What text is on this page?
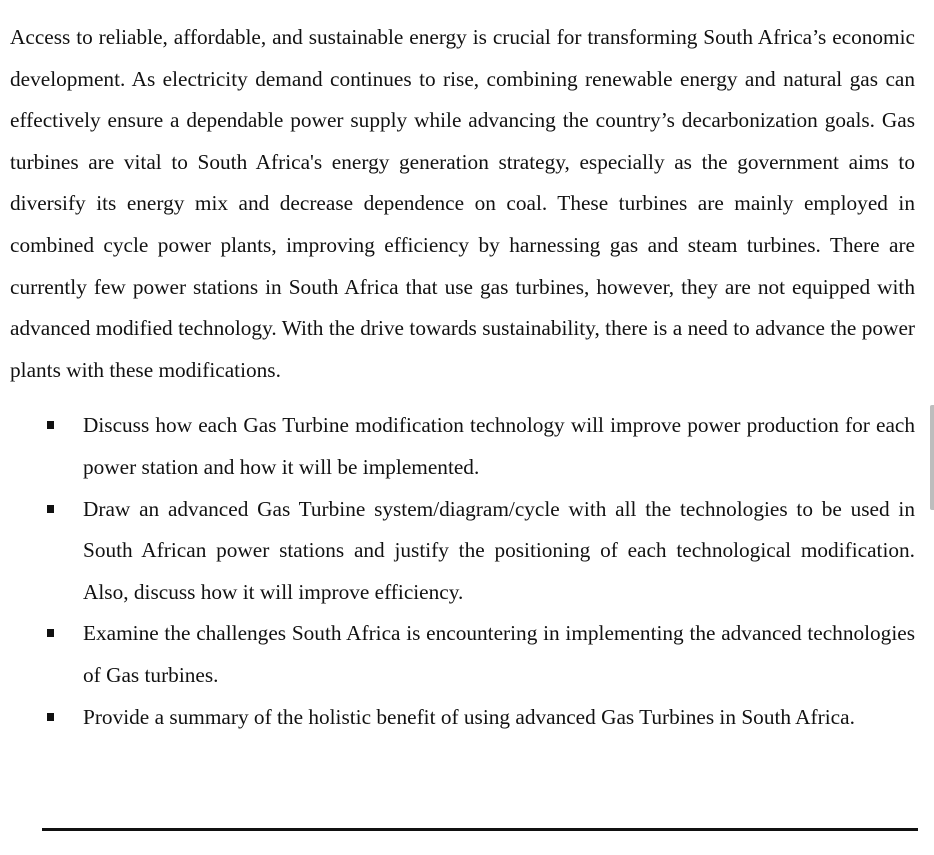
Access to reliable, affordable, and sustainable energy is crucial for transforming South Africa’s economic development. As electricity demand continues to rise, combining renewable energy and natural gas can effectively ensure a dependable power supply while advancing the country’s decarbonization goals. Gas turbines are vital to South Africa's energy generation strategy, especially as the government aims to diversify its energy mix and decrease dependence on coal. These turbines are mainly employed in combined cycle power plants, improving efficiency by harnessing gas and steam turbines. There are currently few power stations in South Africa that use gas turbines, however, they are not equipped with advanced modified technology. With the drive towards sustainability, there is a need to advance the power plants with these modifications.

Discuss how each Gas Turbine modification technology will improve power production for each power station and how it will be implemented.
Draw an advanced Gas Turbine system/diagram/cycle with all the technologies to be used in South African power stations and justify the positioning of each technological modification. Also, discuss how it will improve efficiency.
Examine the challenges South Africa is encountering in implementing the advanced technologies of Gas turbines.
Provide a summary of the holistic benefit of using advanced Gas Turbines in South Africa.
